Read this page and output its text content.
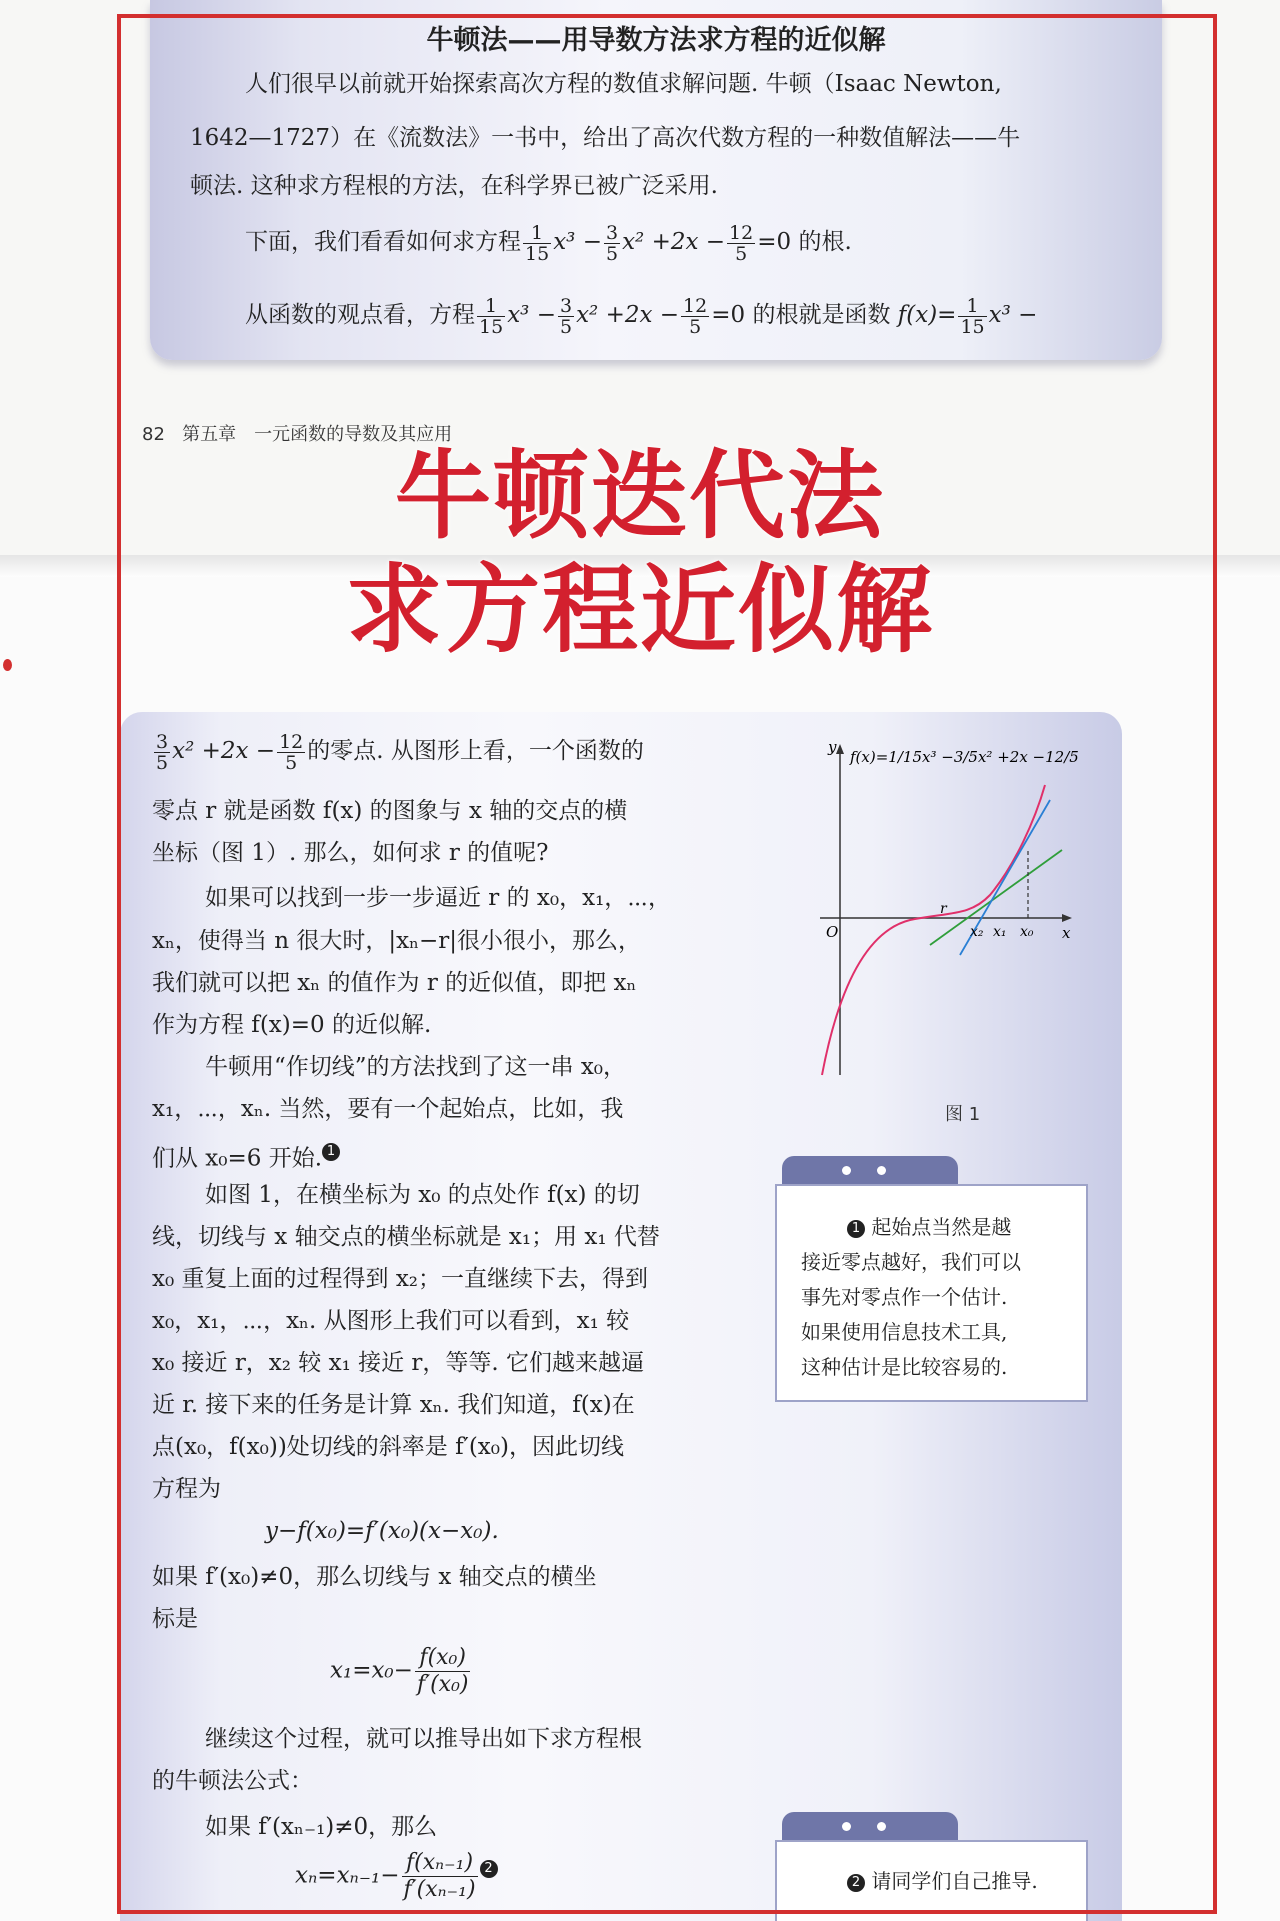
牛顿法——用导数方法求方程的近似解
人们很早以前就开始探索高次方程的数值求解问题. 牛顿（Isaac Newton,
1642—1727）在《流数法》一书中，给出了高次代数方程的一种数值解法——牛
顿法. 这种求方程根的方法，在科学界已被广泛采用.
下面，我们看看如何求方程 $\frac{1}{15} x^3 - \frac{3}{5} x^2 +2x - \frac{12}{5} =0$ 的根.
从函数的观点看，方程 $\frac{1}{15} x^3 - \frac{3}{5} x^2 +2x - \frac{12}{5} =0$ 的根就是函数 $f(x)= \frac{1}{15} x^3$ −
82 第五章　一元函数的导数及其应用
牛顿迭代法
求方程近似解
$\frac{3}{5} x^2 +2x - \frac{12}{5}$ 的零点. 从图形上看，一个函数的
零点 r 就是函数 f(x) 的图象与 x 轴的交点的横
坐标（图 1）. 那么，如何求 r 的值呢?
如果可以找到一步一步逼近 r 的 x₀，x₁，⋯，
xₙ，使得当 n 很大时，|xₙ−r|很小很小，那么，
我们就可以把 xₙ 的值作为 r 的近似值，即把 xₙ
作为方程 f(x)=0 的近似解.
牛顿用“作切线”的方法找到了这一串 x₀，
x₁，⋯，xₙ. 当然，要有一个起始点，比如，我
们从 x₀=6 开始. $^1$
如图 1，在横坐标为 x₀ 的点处作 f(x) 的切
线，切线与 x 轴交点的横坐标就是 x₁；用 x₁ 代替
x₀ 重复上面的过程得到 x₂；一直继续下去，得到
x₀，x₁，⋯，xₙ. 从图形上我们可以看到，x₁ 较
x₀ 接近 r，x₂ 较 x₁ 接近 r，等等. 它们越来越逼
近 r. 接下来的任务是计算 xₙ. 我们知道，f(x)在
点(x₀，f(x₀))处切线的斜率是 f′(x₀)，因此切线
方程为
y−f(x₀)=f′(x₀)(x−x₀).
如果 f′(x₀)≠0，那么切线与 x 轴交点的横坐
标是
$x_1=x_0- \frac{\text{f(x₀)}}{\text{f′(x₀)}}$
继续这个过程，就可以推导出如下求方程根
的牛顿法公式：
如果 f′(xₙ₋₁)≠0，那么
$x_n=x_{n-1}- \frac{\text{f(xₙ₋₁)}}{\text{f′(xₙ₋₁)}} ^2$
y
x
O
f(x)=1/15x³ −3/5x² +2x −12/5
r
x₂ x₁ x₀
图 1
1 起始点当然是越
接近零点越好，我们可以
事先对零点作一个估计.
如果使用信息技术工具,
这种估计是比较容易的.
2 请同学们自己推导.
